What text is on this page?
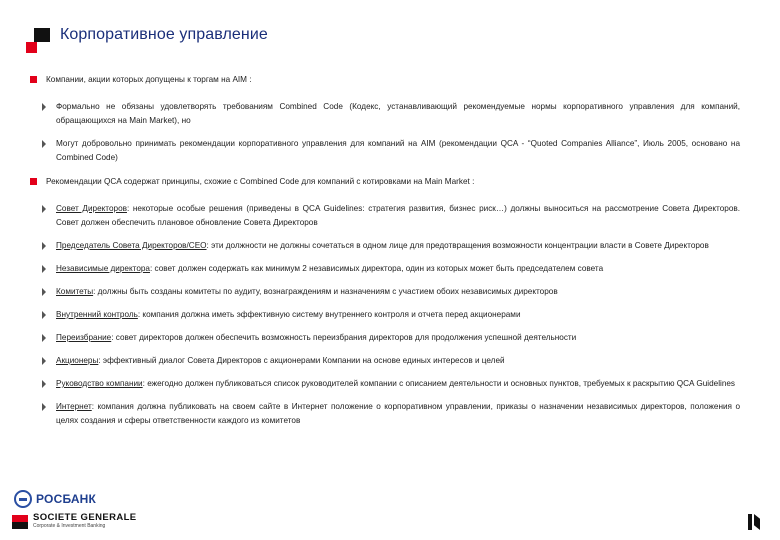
Корпоративное управление
Компании, акции которых допущены к торгам на AIM :
Формально не обязаны удовлетворять требованиям Combined Code (Кодекс, устанавливающий рекомендуемые нормы корпоративного управления для компаний, обращающихся на Main Market), но
Могут добровольно принимать рекомендации корпоративного управления для компаний на AIM (рекомендации QCA - “Quoted Companies Alliance”, Июль 2005, основано на Combined Code)
Рекомендации QCA содержат принципы, схожие с Combined Code для компаний с котировками на Main Market :
Совет Директоров: некоторые особые решения (приведены в QCA Guidelines: стратегия развития, бизнес риск…) должны выноситься на рассмотрение Совета Директоров. Совет должен обеспечить плановое обновление Совета Директоров
Председатель Совета Директоров/CEO: эти должности не должны сочетаться в одном лице для предотвращения возможности концентрации власти в Совете Директоров
Независимые директора: совет должен содержать как минимум 2 независимых директора, один из которых может быть председателем совета
Комитеты: должны быть созданы комитеты по аудиту, вознаграждениям и назначениям с участием обоих независимых директоров
Внутренний контроль: компания должна иметь эффективную систему внутреннего контроля и отчета перед акционерами
Переизбрание: совет директоров должен обеспечить возможность переизбрания директоров для продолжения успешной деятельности
Акционеры: эффективный диалог Совета Директоров с акционерами Компании на основе единых интересов и целей
Руководство компании: ежегодно должен публиковаться список руководителей компании с описанием деятельности и основных пунктов, требуемых к раскрытию QCA Guidelines
Интернет: компания должна публиковать на своем сайте в Интернет положение о корпоративном управлении, приказы о назначении независимых директоров, положения о целях создания и сферы ответственности каждого из комитетов
РОСБАНК
SOCIETE GENERALE
Corporate & Investment Banking
